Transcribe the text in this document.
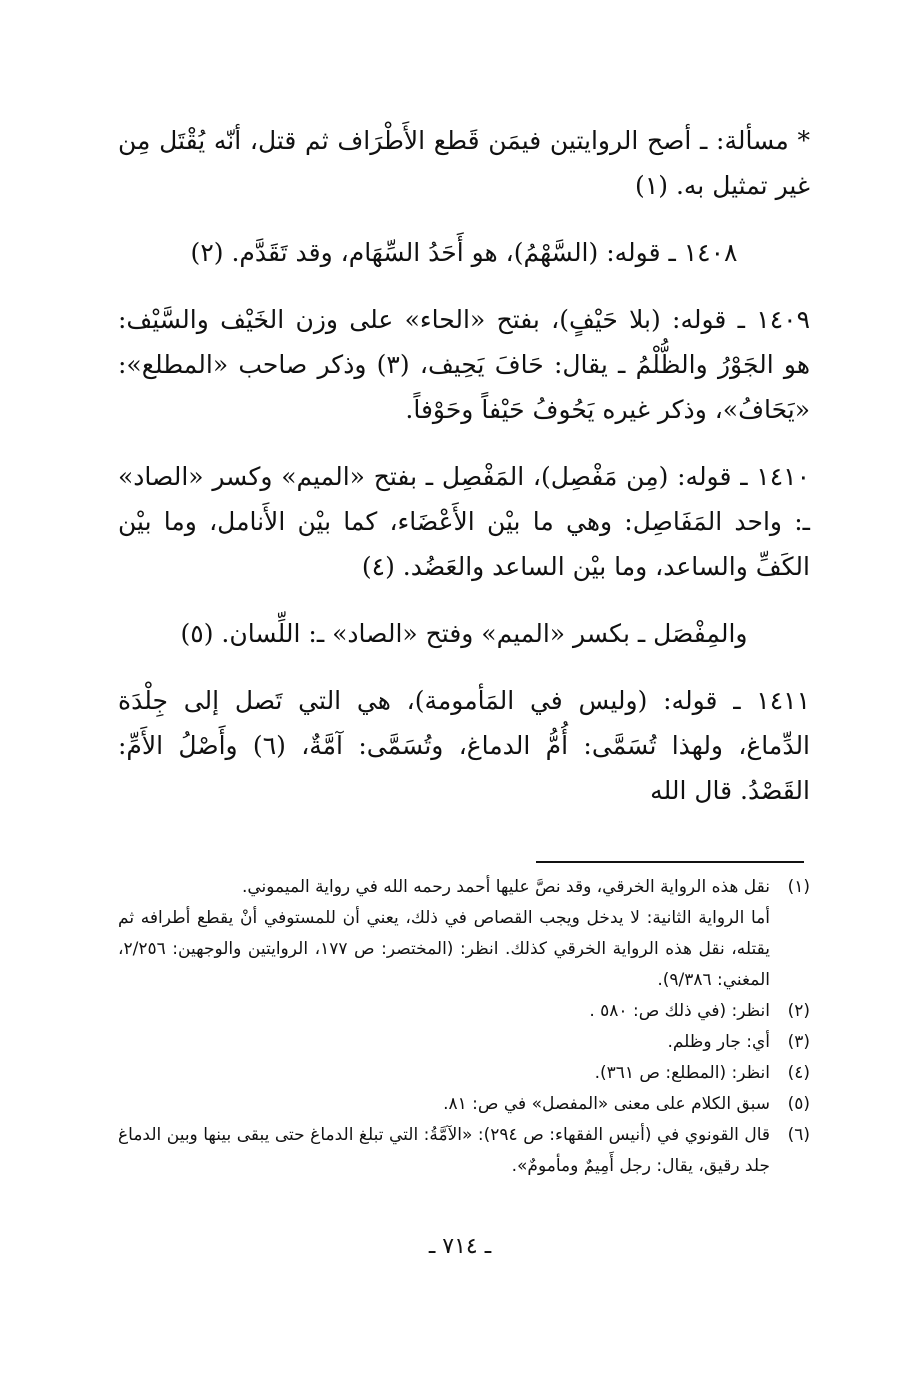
* مسألة: ـ أصح الروايتين فيمَن قَطع الأَطْرَاف ثم قتل، أنّه يُقْتَل مِن غير تمثيل به. (١)

١٤٠٨ ـ قوله: (السَّهْمُ)، هو أَحَدُ السِّهَام، وقد تَقَدَّم. (٢)

١٤٠٩ ـ قوله: (بلا حَيْفٍ)، بفتح «الحاء» على وزن الخَيْف والسَّيْف: هو الجَوْرُ والظُّلْمُ ـ يقال: حَافَ يَحِيف، (٣) وذكر صاحب «المطلع»: «يَحَافُ»، وذكر غيره يَحُوفُ حَيْفاً وحَوْفاً.

١٤١٠ ـ قوله: (مِن مَفْصِل)، المَفْصِل ـ بفتح «الميم» وكسر «الصاد» ـ: واحد المَفَاصِل: وهي ما بيْن الأَعْضَاء، كما بيْن الأَنامل، وما بيْن الكَفِّ والساعد، وما بيْن الساعد والعَضُد. (٤)

والمِفْصَل ـ بكسر «الميم» وفتح «الصاد» ـ: اللِّسان. (٥)

١٤١١ ـ قوله: (وليس في المَأمومة)، هي التي تَصل إلى جِلْدَة الدِّماغ، ولهذا تُسَمَّى: أُمُّ الدماغ، وتُسَمَّى: آمَّةٌ، (٦) وأَصْلُ الأَمِّ: القَصْدُ. قال الله

(١)
نقل هذه الرواية الخرقي، وقد نصَّ عليها أحمد رحمه الله في رواية الميموني.
أما الرواية الثانية: لا يدخل ويجب القصاص في ذلك، يعني أن للمستوفي أنْ يقطع أطرافه ثم يقتله، نقل هذه الرواية الخرقي كذلك. انظر: (المختصر: ص ١٧٧، الروايتين والوجهين: ٢/٢٥٦، المغني: ٩/٣٨٦).
(٢)
انظر: (في ذلك ص: ٥٨٠ .
(٣)
أي: جار وظلم.
(٤)
انظر: (المطلع: ص ٣٦١).
(٥)
سبق الكلام على معنى «المفصل» في ص: ٨١.
(٦)
قال القونوي في (أنيس الفقهاء: ص ٢٩٤): «الآمَّةُ: التي تبلغ الدماغ حتى يبقى بينها وبين الدماغ جلد رقيق، يقال: رجل أَمِيمٌ ومأمومٌ».
ـ ٧١٤ ـ
